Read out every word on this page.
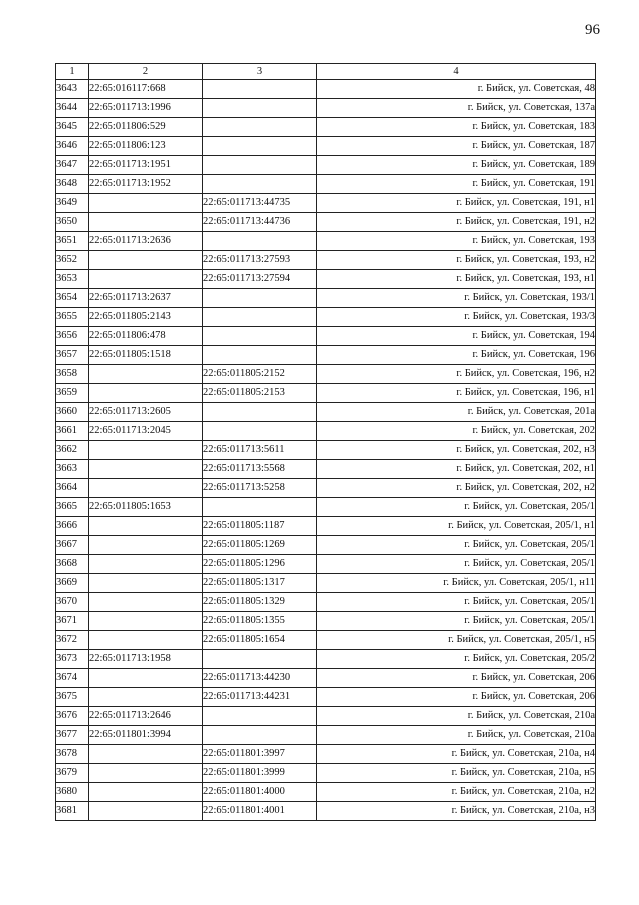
96
1	2	3	4
3643	22:65:016117:668		г. Бийск, ул. Советская, 48
3644	22:65:011713:1996		г. Бийск, ул. Советская, 137а
3645	22:65:011806:529		г. Бийск, ул. Советская, 183
3646	22:65:011806:123		г. Бийск, ул. Советская, 187
3647	22:65:011713:1951		г. Бийск, ул. Советская, 189
3648	22:65:011713:1952		г. Бийск, ул. Советская, 191
3649		22:65:011713:44735	г. Бийск, ул. Советская, 191, н1
3650		22:65:011713:44736	г. Бийск, ул. Советская, 191, н2
3651	22:65:011713:2636		г. Бийск, ул. Советская, 193
3652		22:65:011713:27593	г. Бийск, ул. Советская, 193, н2
3653		22:65:011713:27594	г. Бийск, ул. Советская, 193, н1
3654	22:65:011713:2637		г. Бийск, ул. Советская, 193/1
3655	22:65:011805:2143		г. Бийск, ул. Советская, 193/3
3656	22:65:011806:478		г. Бийск, ул. Советская, 194
3657	22:65:011805:1518		г. Бийск, ул. Советская, 196
3658		22:65:011805:2152	г. Бийск, ул. Советская, 196, н2
3659		22:65:011805:2153	г. Бийск, ул. Советская, 196, н1
3660	22:65:011713:2605		г. Бийск, ул. Советская, 201а
3661	22:65:011713:2045		г. Бийск, ул. Советская, 202
3662		22:65:011713:5611	г. Бийск, ул. Советская, 202, н3
3663		22:65:011713:5568	г. Бийск, ул. Советская, 202, н1
3664		22:65:011713:5258	г. Бийск, ул. Советская, 202, н2
3665	22:65:011805:1653		г. Бийск, ул. Советская, 205/1
3666		22:65:011805:1187	г. Бийск, ул. Советская, 205/1, н1
3667		22:65:011805:1269	г. Бийск, ул. Советская, 205/1
3668		22:65:011805:1296	г. Бийск, ул. Советская, 205/1
3669		22:65:011805:1317	г. Бийск, ул. Советская, 205/1, н11
3670		22:65:011805:1329	г. Бийск, ул. Советская, 205/1
3671		22:65:011805:1355	г. Бийск, ул. Советская, 205/1
3672		22:65:011805:1654	г. Бийск, ул. Советская, 205/1, н5
3673	22:65:011713:1958		г. Бийск, ул. Советская, 205/2
3674		22:65:011713:44230	г. Бийск, ул. Советская, 206
3675		22:65:011713:44231	г. Бийск, ул. Советская, 206
3676	22:65:011713:2646		г. Бийск, ул. Советская, 210а
3677	22:65:011801:3994		г. Бийск, ул. Советская, 210а
3678		22:65:011801:3997	г. Бийск, ул. Советская, 210а, н4
3679		22:65:011801:3999	г. Бийск, ул. Советская, 210а, н5
3680		22:65:011801:4000	г. Бийск, ул. Советская, 210а, н2
3681		22:65:011801:4001	г. Бийск, ул. Советская, 210а, н3
